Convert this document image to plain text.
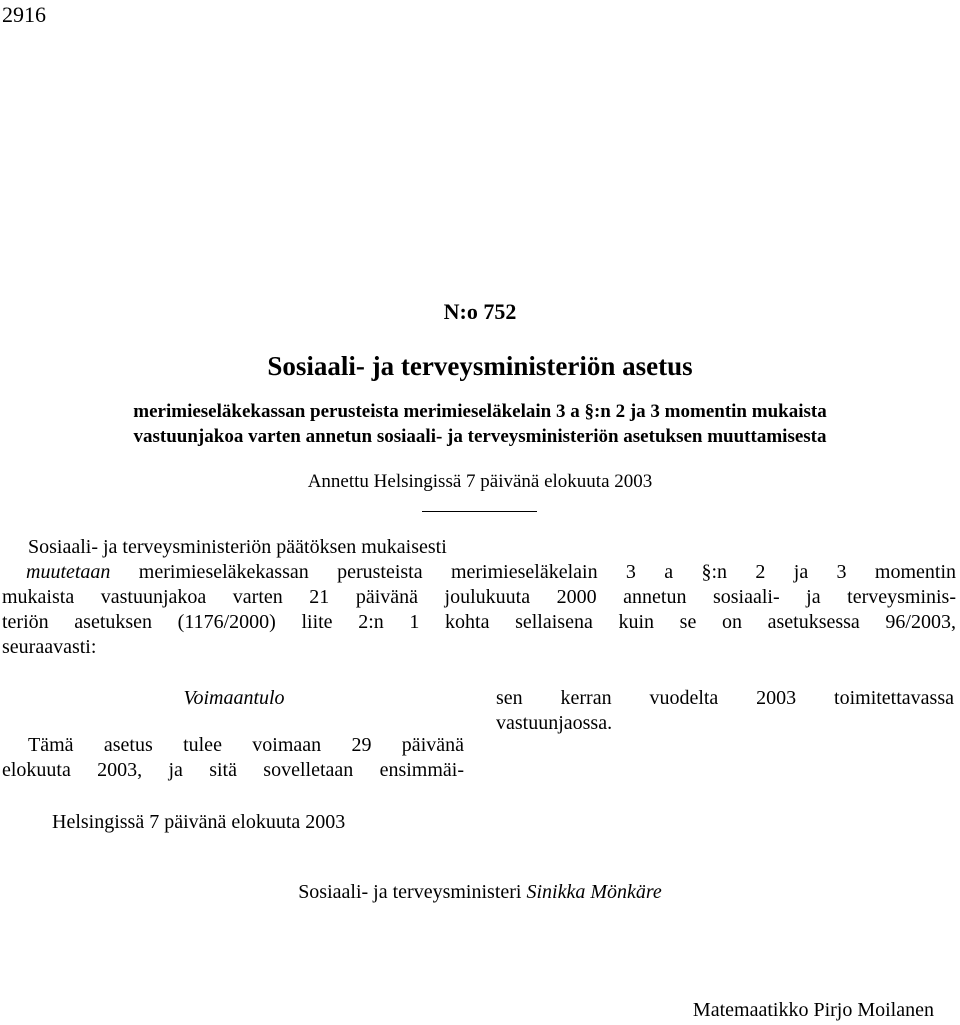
2916
N:o 752
Sosiaali- ja terveysministeriön asetus
merimieseläkekassan perusteista merimieseläkelain 3 a §:n 2 ja 3 momentin mukaista
vastuunjakoa varten annetun sosiaali- ja terveysministeriön asetuksen muuttamisesta
Annettu Helsingissä 7 päivänä elokuuta 2003
Sosiaali- ja terveysministeriön päätöksen mukaisesti
muutetaan merimieseläkekassan perusteista merimieseläkelain 3 a §:n 2 ja 3 momentin
mukaista vastuunjakoa varten 21 päivänä joulukuuta 2000 annetun sosiaali- ja terveysminis-
teriön asetuksen (1176/2000) liite 2:n 1 kohta sellaisena kuin se on asetuksessa 96/2003,
seuraavasti:
Voimaantulo
Tämä asetus tulee voimaan 29 päivänä
elokuuta 2003, ja sitä sovelletaan ensimmäi-
sen kerran vuodelta 2003 toimitettavassa
vastuunjaossa.
Helsingissä 7 päivänä elokuuta 2003
Sosiaali- ja terveysministeri Sinikka Mönkäre
Matemaatikko Pirjo Moilanen
